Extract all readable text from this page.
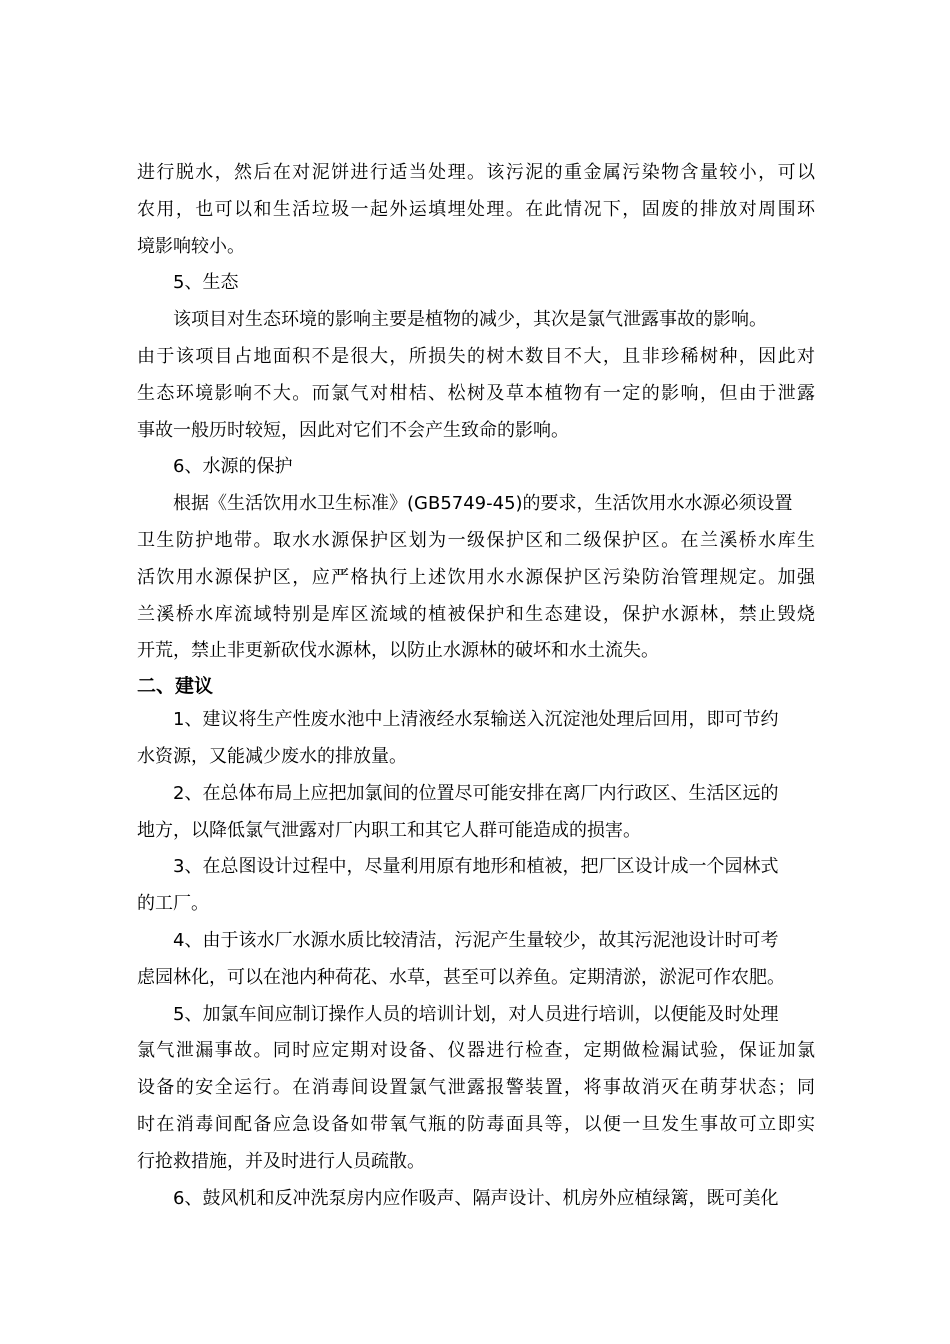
进行脱水，然后在对泥饼进行适当处理。该污泥的重金属污染物含量较小，可以
农用，也可以和生活垃圾一起外运填埋处理。在此情况下，固废的排放对周围环
境影响较小。
5、生态
该项目对生态环境的影响主要是植物的减少，其次是氯气泄露事故的影响。
由于该项目占地面积不是很大，所损失的树木数目不大，且非珍稀树种，因此对
生态环境影响不大。而氯气对柑桔、松树及草本植物有一定的影响，但由于泄露
事故一般历时较短，因此对它们不会产生致命的影响。
6、水源的保护
根据《生活饮用水卫生标准》(GB5749-45)的要求，生活饮用水水源必须设置
卫生防护地带。取水水源保护区划为一级保护区和二级保护区。在兰溪桥水库生
活饮用水源保护区，应严格执行上述饮用水水源保护区污染防治管理规定。加强
兰溪桥水库流域特别是库区流域的植被保护和生态建设，保护水源林，禁止毁烧
开荒，禁止非更新砍伐水源林，以防止水源林的破坏和水土流失。
二、建议
1、建议将生产性废水池中上清液经水泵输送入沉淀池处理后回用，即可节约
水资源，又能减少废水的排放量。
2、在总体布局上应把加氯间的位置尽可能安排在离厂内行政区、生活区远的
地方，以降低氯气泄露对厂内职工和其它人群可能造成的损害。
3、在总图设计过程中，尽量利用原有地形和植被，把厂区设计成一个园林式
的工厂。
4、由于该水厂水源水质比较清洁，污泥产生量较少，故其污泥池设计时可考
虑园林化，可以在池内种荷花、水草，甚至可以养鱼。定期清淤，淤泥可作农肥。
5、加氯车间应制订操作人员的培训计划，对人员进行培训，以便能及时处理
氯气泄漏事故。同时应定期对设备、仪器进行检查，定期做检漏试验，保证加氯
设备的安全运行。在消毒间设置氯气泄露报警装置，将事故消灭在萌芽状态；同
时在消毒间配备应急设备如带氧气瓶的防毒面具等，以便一旦发生事故可立即实
行抢救措施，并及时进行人员疏散。
6、鼓风机和反冲洗泵房内应作吸声、隔声设计、机房外应植绿篱，既可美化
